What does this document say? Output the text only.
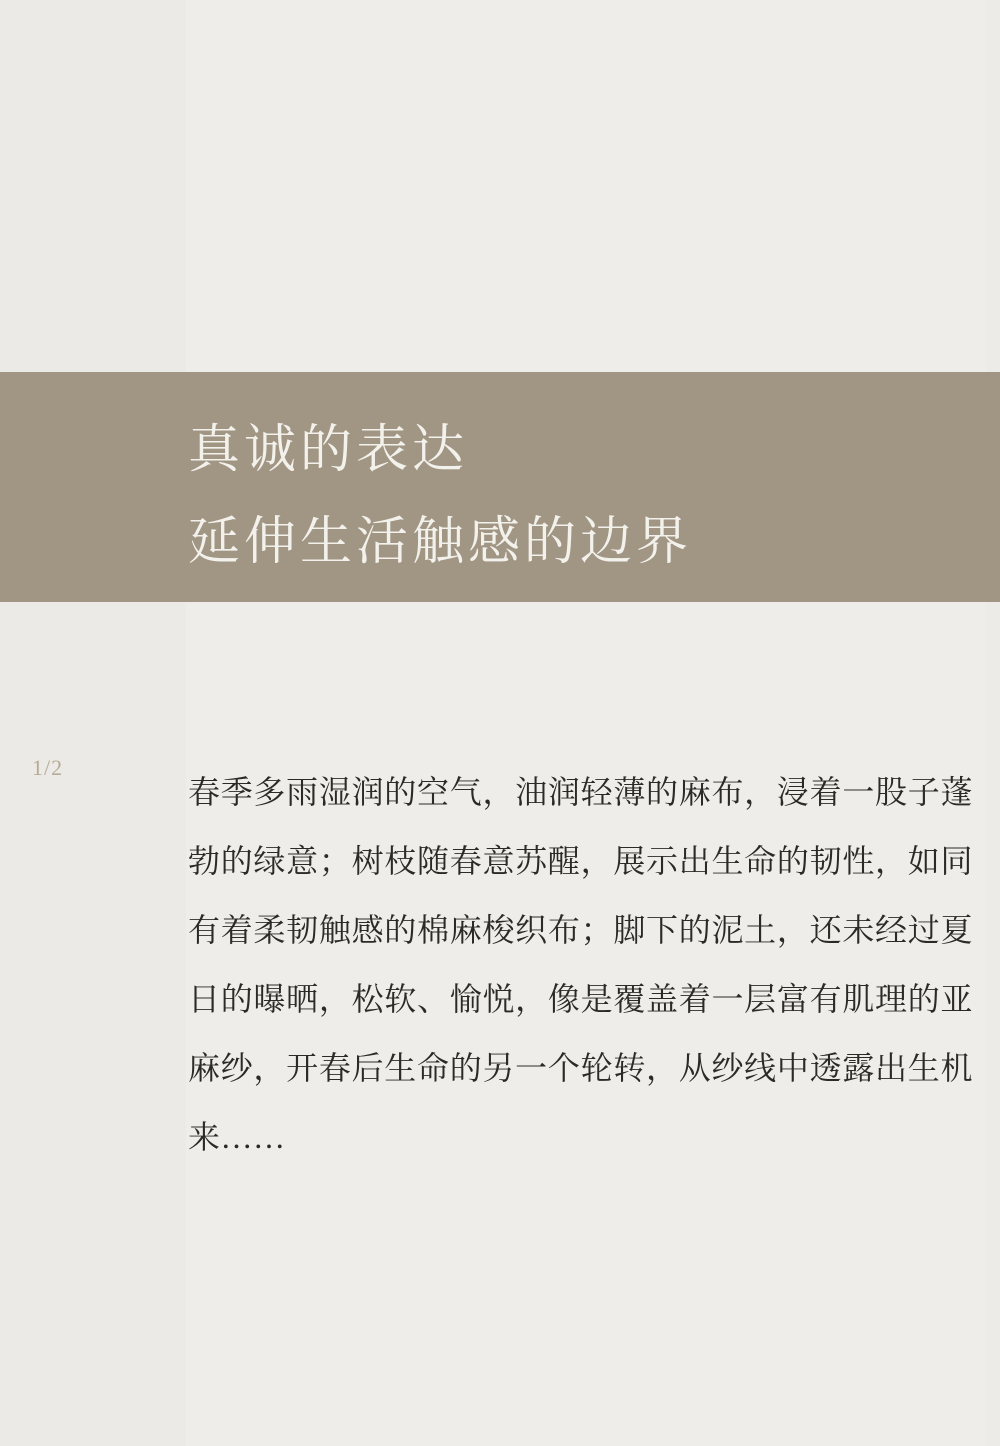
真诚的表达
延伸生活触感的边界
1/2
春季多雨湿润的空气，油润轻薄的麻布，浸着一股子蓬勃的绿意；树枝随春意苏醒，展示出生命的韧性，如同有着柔韧触感的棉麻梭织布；脚下的泥土，还未经过夏日的曝晒，松软、愉悦，像是覆盖着一层富有肌理的亚麻纱，开春后生命的另一个轮转，从纱线中透露出生机来……
